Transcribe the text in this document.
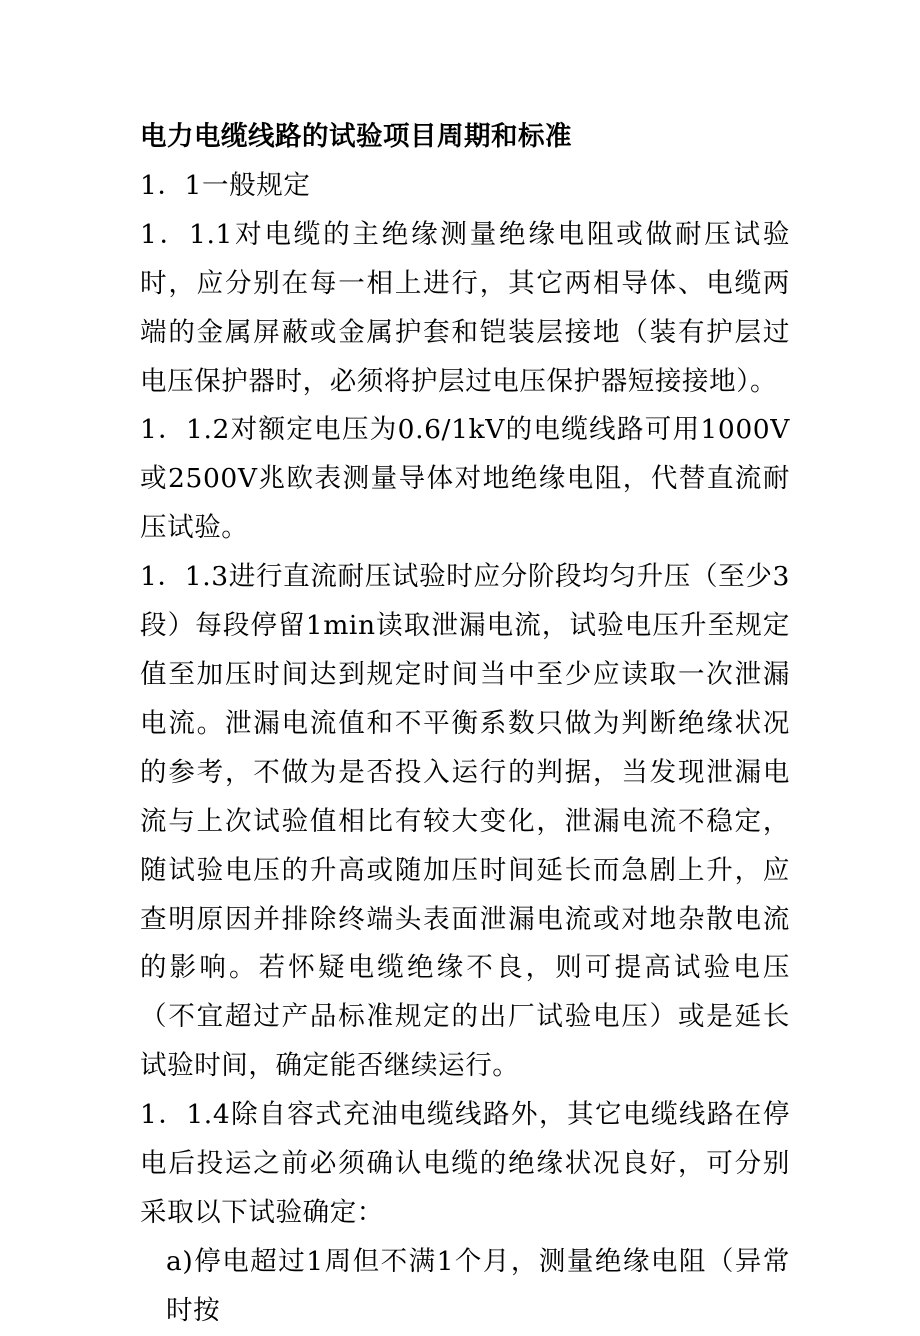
电力电缆线路的试验项目周期和标准

1．1一般规定

1．1.1对电缆的主绝缘测量绝缘电阻或做耐压试验时，应分别在每一相上进行，其它两相导体、电缆两端的金属屏蔽或金属护套和铠装层接地（装有护层过电压保护器时，必须将护层过电压保护器短接接地）。

1．1.2对额定电压为0.6/1kV的电缆线路可用1000V或2500V兆欧表测量导体对地绝缘电阻，代替直流耐压试验。

1．1.3进行直流耐压试验时应分阶段均匀升压（至少3段）每段停留1min读取泄漏电流，试验电压升至规定值至加压时间达到规定时间当中至少应读取一次泄漏电流。泄漏电流值和不平衡系数只做为判断绝缘状况的参考，不做为是否投入运行的判据，当发现泄漏电流与上次试验值相比有较大变化，泄漏电流不稳定，随试验电压的升高或随加压时间延长而急剧上升，应查明原因并排除终端头表面泄漏电流或对地杂散电流的影响。若怀疑电缆绝缘不良，则可提高试验电压（不宜超过产品标准规定的出厂试验电压）或是延长试验时间，确定能否继续运行。

1．1.4除自容式充油电缆线路外，其它电缆线路在停电后投运之前必须确认电缆的绝缘状况良好，可分别采取以下试验确定：

a)停电超过1周但不满1个月，测量绝缘电阻（异常时按
